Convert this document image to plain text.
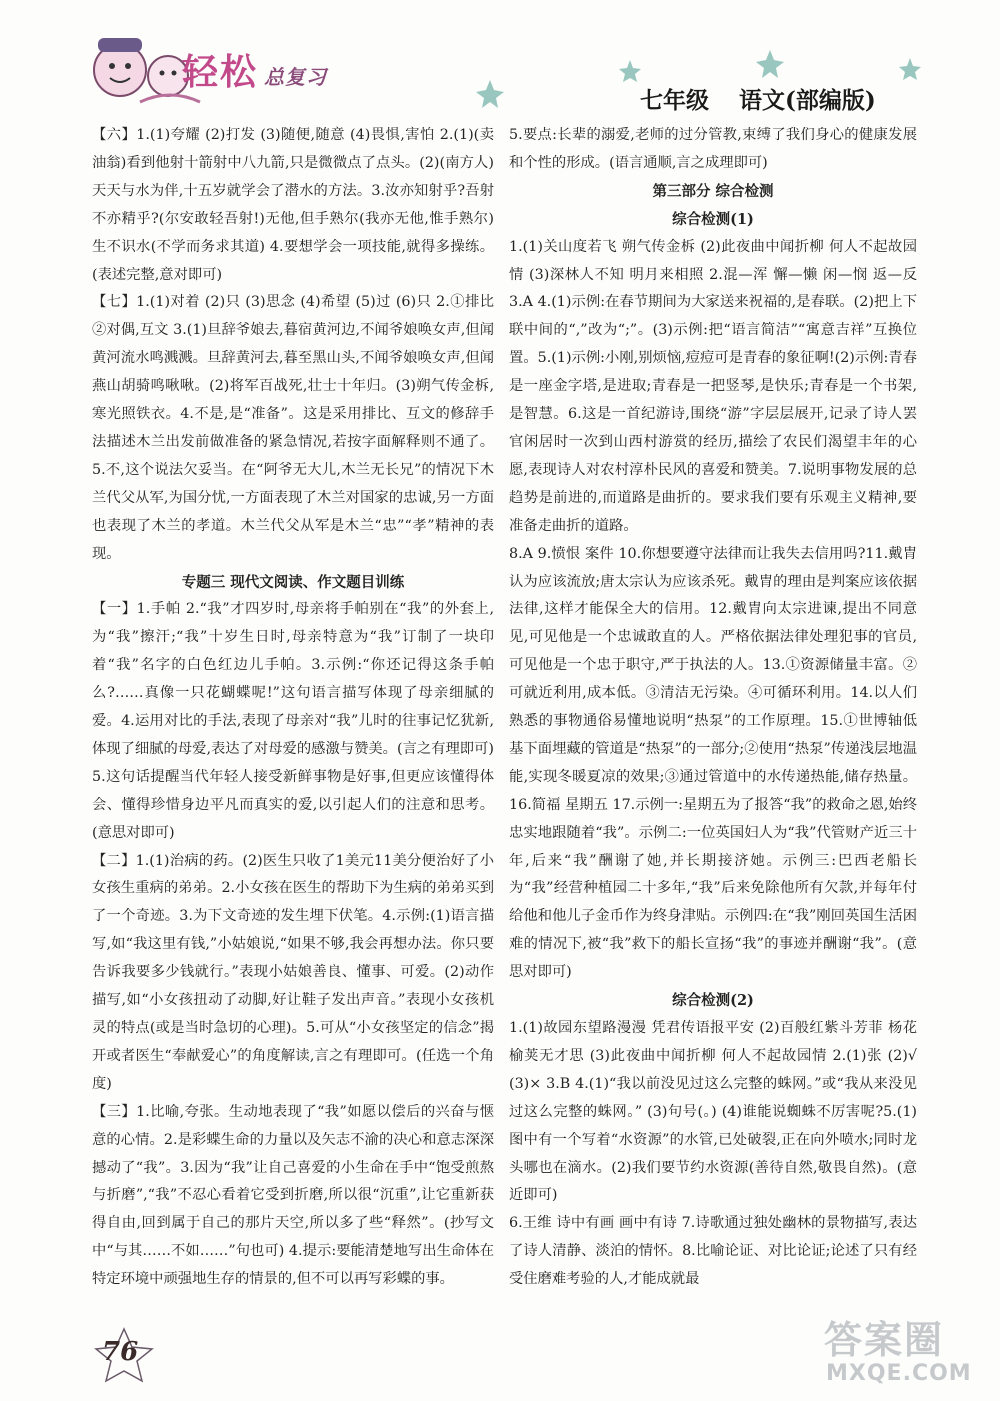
轻松 总复习
七年级 语文(部编版)

【六】1.(1)夸耀 (2)打发 (3)随便,随意 (4)畏惧,害怕 2.(1)(卖油翁)看到他射十箭射中八九箭,只是微微点了点头。(2)(南方人)天天与水为伴,十五岁就学会了潜水的方法。3.汝亦知射乎?吾射不亦精乎?(尔安敢轻吾射!)无他,但手熟尔(我亦无他,惟手熟尔) 生不识水(不学而务求其道) 4.要想学会一项技能,就得多操练。(表述完整,意对即可)

【七】1.(1)对着 (2)只 (3)思念 (4)希望 (5)过 (6)只 2.①排比 ②对偶,互文 3.(1)旦辞爷娘去,暮宿黄河边,不闻爷娘唤女声,但闻黄河流水鸣溅溅。旦辞黄河去,暮至黑山头,不闻爷娘唤女声,但闻燕山胡骑鸣啾啾。(2)将军百战死,壮士十年归。(3)朔气传金柝,寒光照铁衣。4.不是,是“准备”。这是采用排比、互文的修辞手法描述木兰出发前做准备的紧急情况,若按字面解释则不通了。5.不,这个说法欠妥当。在“阿爷无大儿,木兰无长兄”的情况下木兰代父从军,为国分忧,一方面表现了木兰对国家的忠诚,另一方面也表现了木兰的孝道。木兰代父从军是木兰“忠”“孝”精神的表现。

专题三 现代文阅读、作文题目训练

【一】1.手帕 2.“我”才四岁时,母亲将手帕别在“我”的外套上,为“我”擦汗;“我”十岁生日时,母亲特意为“我”订制了一块印着“我”名字的白色红边儿手帕。3.示例:“你还记得这条手帕么?……真像一只花蝴蝶呢!”这句语言描写体现了母亲细腻的爱。4.运用对比的手法,表现了母亲对“我”儿时的往事记忆犹新,体现了细腻的母爱,表达了对母爱的感激与赞美。(言之有理即可) 5.这句话提醒当代年轻人接受新鲜事物是好事,但更应该懂得体会、懂得珍惜身边平凡而真实的爱,以引起人们的注意和思考。(意思对即可)

【二】1.(1)治病的药。(2)医生只收了1美元11美分便治好了小女孩生重病的弟弟。2.小女孩在医生的帮助下为生病的弟弟买到了一个奇迹。3.为下文奇迹的发生埋下伏笔。4.示例:(1)语言描写,如“我这里有钱,”小姑娘说,“如果不够,我会再想办法。你只要告诉我要多少钱就行。”表现小姑娘善良、懂事、可爱。(2)动作描写,如“小女孩扭动了动脚,好让鞋子发出声音。”表现小女孩机灵的特点(或是当时急切的心理)。5.可从“小女孩坚定的信念”揭开或者医生“奉献爱心”的角度解读,言之有理即可。(任选一个角度)

【三】1.比喻,夸张。生动地表现了“我”如愿以偿后的兴奋与惬意的心情。2.是彩蝶生命的力量以及矢志不渝的决心和意志深深撼动了“我”。3.因为“我”让自己喜爱的小生命在手中“饱受煎熬与折磨”,“我”不忍心看着它受到折磨,所以很“沉重”,让它重新获得自由,回到属于自己的那片天空,所以多了些“释然”。(抄写文中“与其……不如……”句也可) 4.提示:要能清楚地写出生命体在特定环境中顽强地生存的情景的,但不可以再写彩蝶的事。

5.要点:长辈的溺爱,老师的过分管教,束缚了我们身心的健康发展和个性的形成。(语言通顺,言之成理即可)

第三部分 综合检测
综合检测(1)

1.(1)关山度若飞 朔气传金柝 (2)此夜曲中闻折柳 何人不起故园情 (3)深林人不知 明月来相照 2.混—浑 懈—懒 闲—悯 返—反 3.A 4.(1)示例:在春节期间为大家送来祝福的,是春联。(2)把上下联中间的“,”改为“;”。(3)示例:把“语言简洁”“寓意吉祥”互换位置。5.(1)示例:小刚,别烦恼,痘痘可是青春的象征啊!(2)示例:青春是一座金字塔,是进取;青春是一把竖琴,是快乐;青春是一个书架,是智慧。6.这是一首纪游诗,围绕“游”字层层展开,记录了诗人罢官闲居时一次到山西村游赏的经历,描绘了农民们渴望丰年的心愿,表现诗人对农村淳朴民风的喜爱和赞美。7.说明事物发展的总趋势是前进的,而道路是曲折的。要求我们要有乐观主义精神,要准备走曲折的道路。

8.A 9.愤恨 案件 10.你想要遵守法律而让我失去信用吗?11.戴胄认为应该流放;唐太宗认为应该杀死。戴胄的理由是判案应该依据法律,这样才能保全大的信用。12.戴胄向太宗进谏,提出不同意见,可见他是一个忠诚敢直的人。严格依据法律处理犯事的官员,可见他是一个忠于职守,严于执法的人。13.①资源储量丰富。②可就近利用,成本低。③清洁无污染。④可循环利用。14.以人们熟悉的事物通俗易懂地说明“热泵”的工作原理。15.①世博轴低基下面埋藏的管道是“热泵”的一部分;②使用“热泵”传递浅层地温能,实现冬暖夏凉的效果;③通过管道中的水传递热能,储存热量。16.简福 星期五 17.示例一:星期五为了报答“我”的救命之恩,始终忠实地跟随着“我”。示例二:一位英国妇人为“我”代管财产近三十年,后来“我”酬谢了她,并长期接济她。示例三:巴西老船长为“我”经营种植园二十多年,“我”后来免除他所有欠款,并每年付给他和他儿子金币作为终身津贴。示例四:在“我”刚回英国生活困难的情况下,被“我”救下的船长宣扬“我”的事迹并酬谢“我”。(意思对即可)

综合检测(2)

1.(1)故园东望路漫漫 凭君传语报平安 (2)百般红紫斗芳菲 杨花榆荚无才思 (3)此夜曲中闻折柳 何人不起故园情 2.(1)张 (2)√ (3)× 3.B 4.(1)“我以前没见过这么完整的蛛网。”或“我从来没见过这么完整的蛛网。” (3)句号(。) (4)谁能说蜘蛛不厉害呢?5.(1)图中有一个写着“水资源”的水管,已处破裂,正在向外喷水;同时龙头哪也在滴水。(2)我们要节约水资源(善待自然,敬畏自然)。(意近即可)

6.王维 诗中有画 画中有诗 7.诗歌通过独处幽林的景物描写,表达了诗人清静、淡泊的情怀。8.比喻论证、对比论证;论述了只有经受住磨难考验的人,才能成就最

76	答案圈
MXQE.COM
